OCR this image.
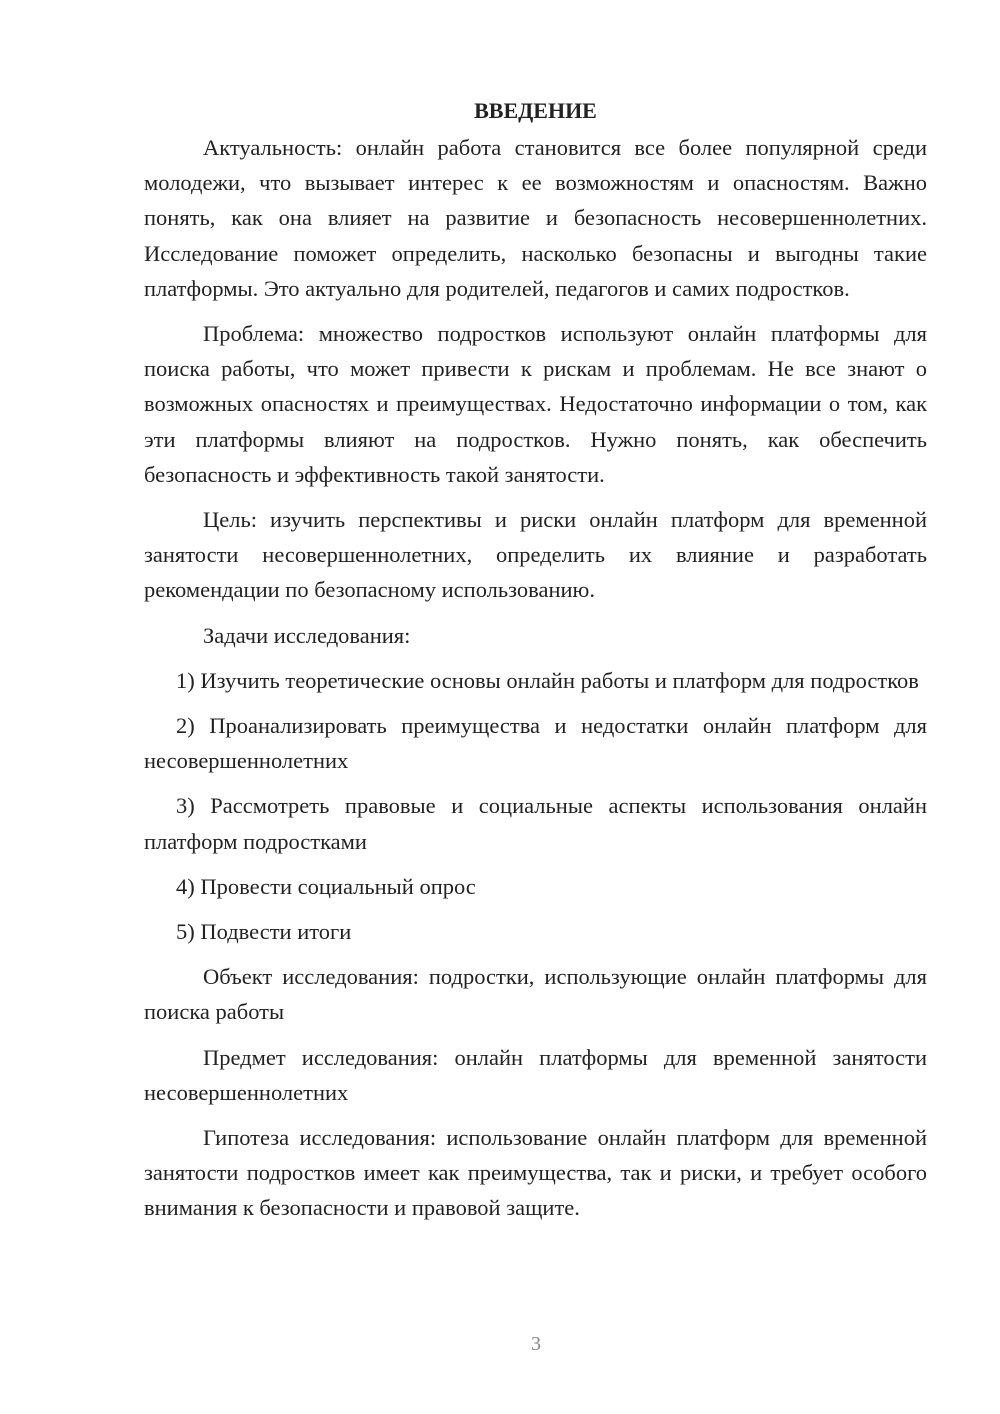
ВВЕДЕНИЕ

Актуальность: онлайн работа становится все более популярной среди молодежи, что вызывает интерес к ее возможностям и опасностям. Важно понять, как она влияет на развитие и безопасность несовершеннолетних. Исследование поможет определить, насколько безопасны и выгодны такие платформы. Это актуально для родителей, педагогов и самих подростков.

Проблема: множество подростков используют онлайн платформы для поиска работы, что может привести к рискам и проблемам. Не все знают о возможных опасностях и преимуществах. Недостаточно информации о том, как эти платформы влияют на подростков. Нужно понять, как обеспечить безопасность и эффективность такой занятости.

Цель: изучить перспективы и риски онлайн платформ для временной занятости несовершеннолетних, определить их влияние и разработать рекомендации по безопасному использованию.

Задачи исследования:

1) Изучить теоретические основы онлайн работы и платформ для подростков

2) Проанализировать преимущества и недостатки онлайн платформ для несовершеннолетних

3) Рассмотреть правовые и социальные аспекты использования онлайн платформ подростками

4) Провести социальный опрос

5) Подвести итоги

Объект исследования: подростки, использующие онлайн платформы для поиска работы

Предмет исследования: онлайн платформы для временной занятости несовершеннолетних

Гипотеза исследования: использование онлайн платформ для временной занятости подростков имеет как преимущества, так и риски, и требует особого внимания к безопасности и правовой защите.

3
